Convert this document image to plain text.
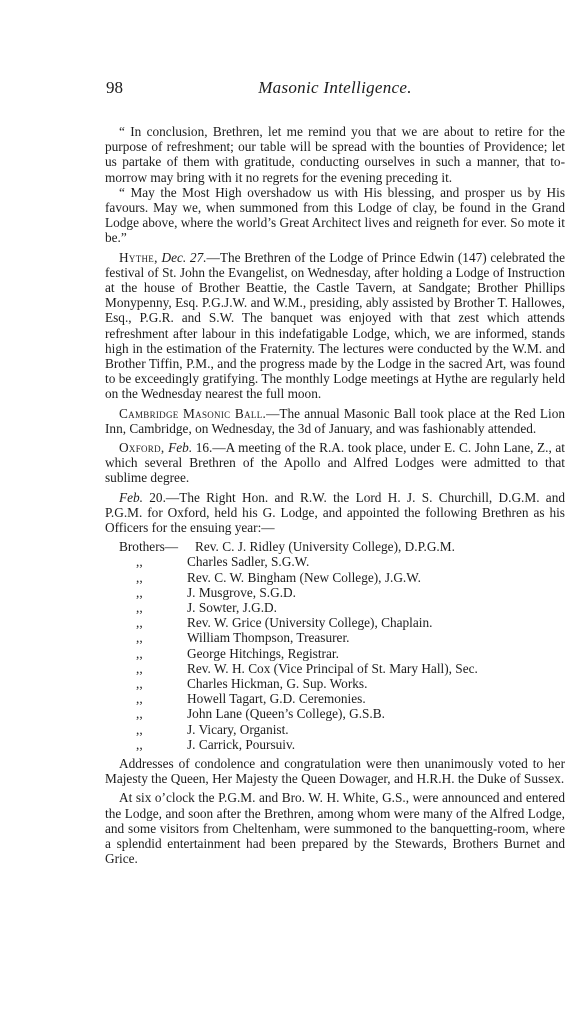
98	Masonic Intelligence.

“ In conclusion, Brethren, let me remind you that we are about to retire for the purpose of refreshment; our table will be spread with the bounties of Providence; let us partake of them with gratitude, conducting ourselves in such a manner, that to-morrow may bring with it no regrets for the evening preceding it.

“ May the Most High overshadow us with His blessing, and prosper us by His favours. May we, when summoned from this Lodge of clay, be found in the Grand Lodge above, where the world’s Great Architect lives and reigneth for ever. So mote it be.”

Hythe, Dec. 27.—The Brethren of the Lodge of Prince Edwin (147) celebrated the festival of St. John the Evangelist, on Wednesday, after holding a Lodge of Instruction at the house of Brother Beattie, the Castle Tavern, at Sandgate; Brother Phillips Monypenny, Esq. P.G.J.W. and W.M., presiding, ably assisted by Brother T. Hallowes, Esq., P.G.R. and S.W. The banquet was enjoyed with that zest which attends refreshment after labour in this indefatigable Lodge, which, we are informed, stands high in the estimation of the Fraternity. The lectures were conducted by the W.M. and Brother Tiffin, P.M., and the progress made by the Lodge in the sacred Art, was found to be exceedingly gratifying. The monthly Lodge meetings at Hythe are regularly held on the Wednesday nearest the full moon.

Cambridge Masonic Ball.—The annual Masonic Ball took place at the Red Lion Inn, Cambridge, on Wednesday, the 3d of January, and was fashionably attended.

Oxford, Feb. 16.—A meeting of the R.A. took place, under E. C. John Lane, Z., at which several Brethren of the Apollo and Alfred Lodges were admitted to that sublime degree.

Feb. 20.—The Right Hon. and R.W. the Lord H. J. S. Churchill, D.G.M. and P.G.M. for Oxford, held his G. Lodge, and appointed the following Brethren as his Officers for the ensuing year:—

Brothers—	Rev. C. J. Ridley (University College), D.P.G.M.
,,	Charles Sadler, S.G.W.
,,	Rev. C. W. Bingham (New College), J.G.W.
,,	J. Musgrove, S.G.D.
,,	J. Sowter, J.G.D.
,,	Rev. W. Grice (University College), Chaplain.
,,	William Thompson, Treasurer.
,,	George Hitchings, Registrar.
,,	Rev. W. H. Cox (Vice Principal of St. Mary Hall), Sec.
,,	Charles Hickman, G. Sup. Works.
,,	Howell Tagart, G.D. Ceremonies.
,,	John Lane (Queen’s College), G.S.B.
,,	J. Vicary, Organist.
,,	J. Carrick, Poursuiv.

Addresses of condolence and congratulation were then unanimously voted to her Majesty the Queen, Her Majesty the Queen Dowager, and H.R.H. the Duke of Sussex.

At six o’clock the P.G.M. and Bro. W. H. White, G.S., were announced and entered the Lodge, and soon after the Brethren, among whom were many of the Alfred Lodge, and some visitors from Cheltenham, were summoned to the banquetting-room, where a splendid entertainment had been prepared by the Stewards, Brothers Burnet and Grice.
